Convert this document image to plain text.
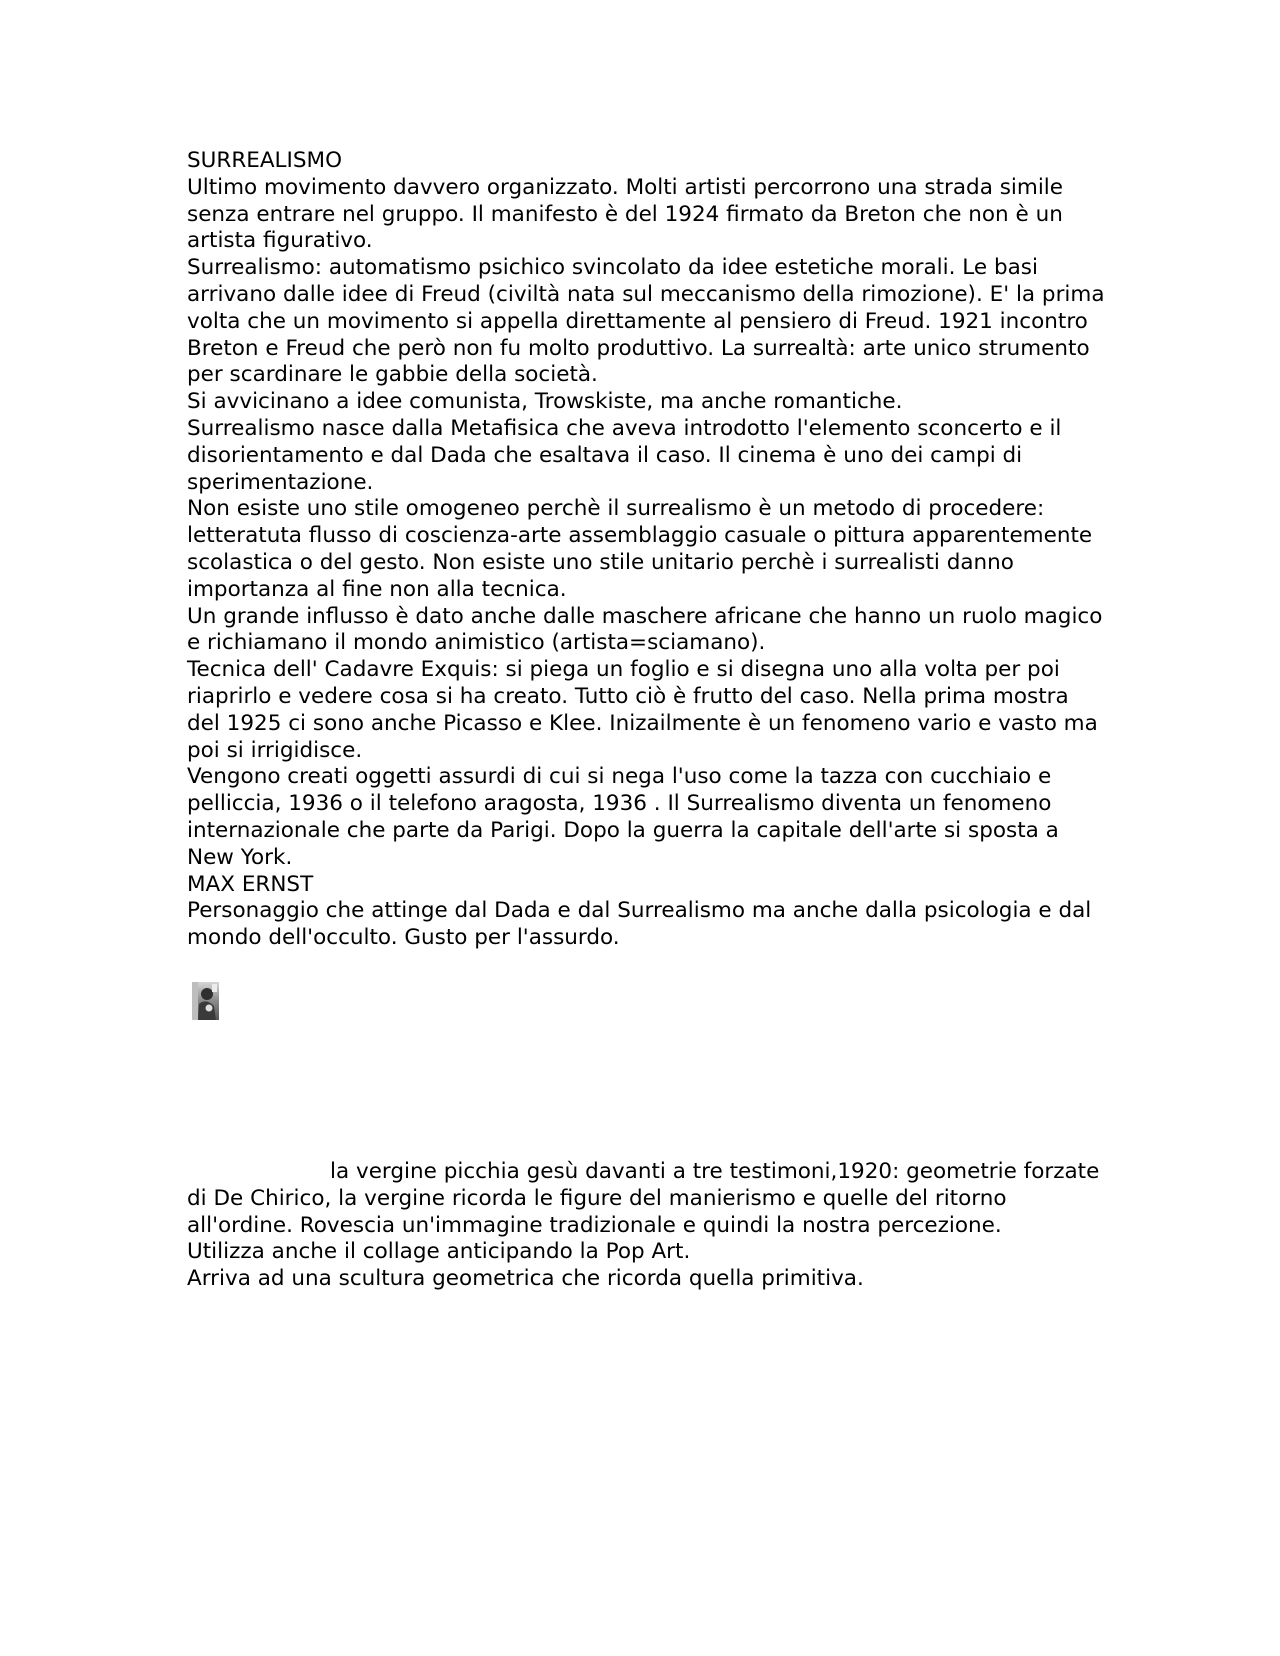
SURREALISMO

Ultimo movimento davvero organizzato. Molti artisti percorrono una strada simile senza entrare nel gruppo. Il manifesto è del 1924 firmato da Breton che non è un artista figurativo.

Surrealismo: automatismo psichico svincolato da idee estetiche morali. Le basi arrivano dalle idee di Freud (civiltà nata sul meccanismo della rimozione). E' la prima volta che un movimento si appella direttamente al pensiero di Freud. 1921 incontro Breton e Freud che però non fu molto produttivo. La surrealtà: arte unico strumento per scardinare le gabbie della società.

Si avvicinano a idee comunista, Trowskiste, ma anche romantiche.

Surrealismo nasce dalla Metafisica che aveva introdotto l'elemento sconcerto e il disorientamento e dal Dada che esaltava il caso. Il cinema è uno dei campi di sperimentazione.

Non esiste uno stile omogeneo perchè il surrealismo è un metodo di procedere: letteratuta flusso di coscienza-arte assemblaggio casuale o pittura apparentemente scolastica o del gesto. Non esiste uno stile unitario perchè i surrealisti danno importanza al fine non alla tecnica.

Un grande influsso è dato anche dalle maschere africane che hanno un ruolo magico e richiamano il mondo animistico (artista=sciamano).

Tecnica dell' Cadavre Exquis: si piega un foglio e si disegna uno alla volta per poi riaprirlo e vedere cosa si ha creato. Tutto ciò è frutto del caso. Nella prima mostra del 1925 ci sono anche Picasso e Klee. Inizailmente è un fenomeno vario e vasto ma poi si irrigidisce.

Vengono creati oggetti assurdi di cui si nega l'uso come la tazza con cucchiaio e pelliccia, 1936 o il telefono aragosta, 1936 . Il Surrealismo diventa un fenomeno internazionale che parte da Parigi. Dopo la guerra la capitale dell'arte si sposta a New York.

MAX ERNST

Personaggio che attinge dal Dada e dal Surrealismo ma anche dalla psicologia e dal mondo dell'occulto. Gusto per l'assurdo.

la vergine picchia gesù davanti a tre testimoni,1920: geometrie forzate di De Chirico, la vergine ricorda le figure del manierismo e quelle del ritorno all'ordine. Rovescia un'immagine tradizionale e quindi la nostra percezione.

Utilizza anche il collage anticipando la Pop Art.

Arriva ad una scultura geometrica che ricorda quella primitiva.
